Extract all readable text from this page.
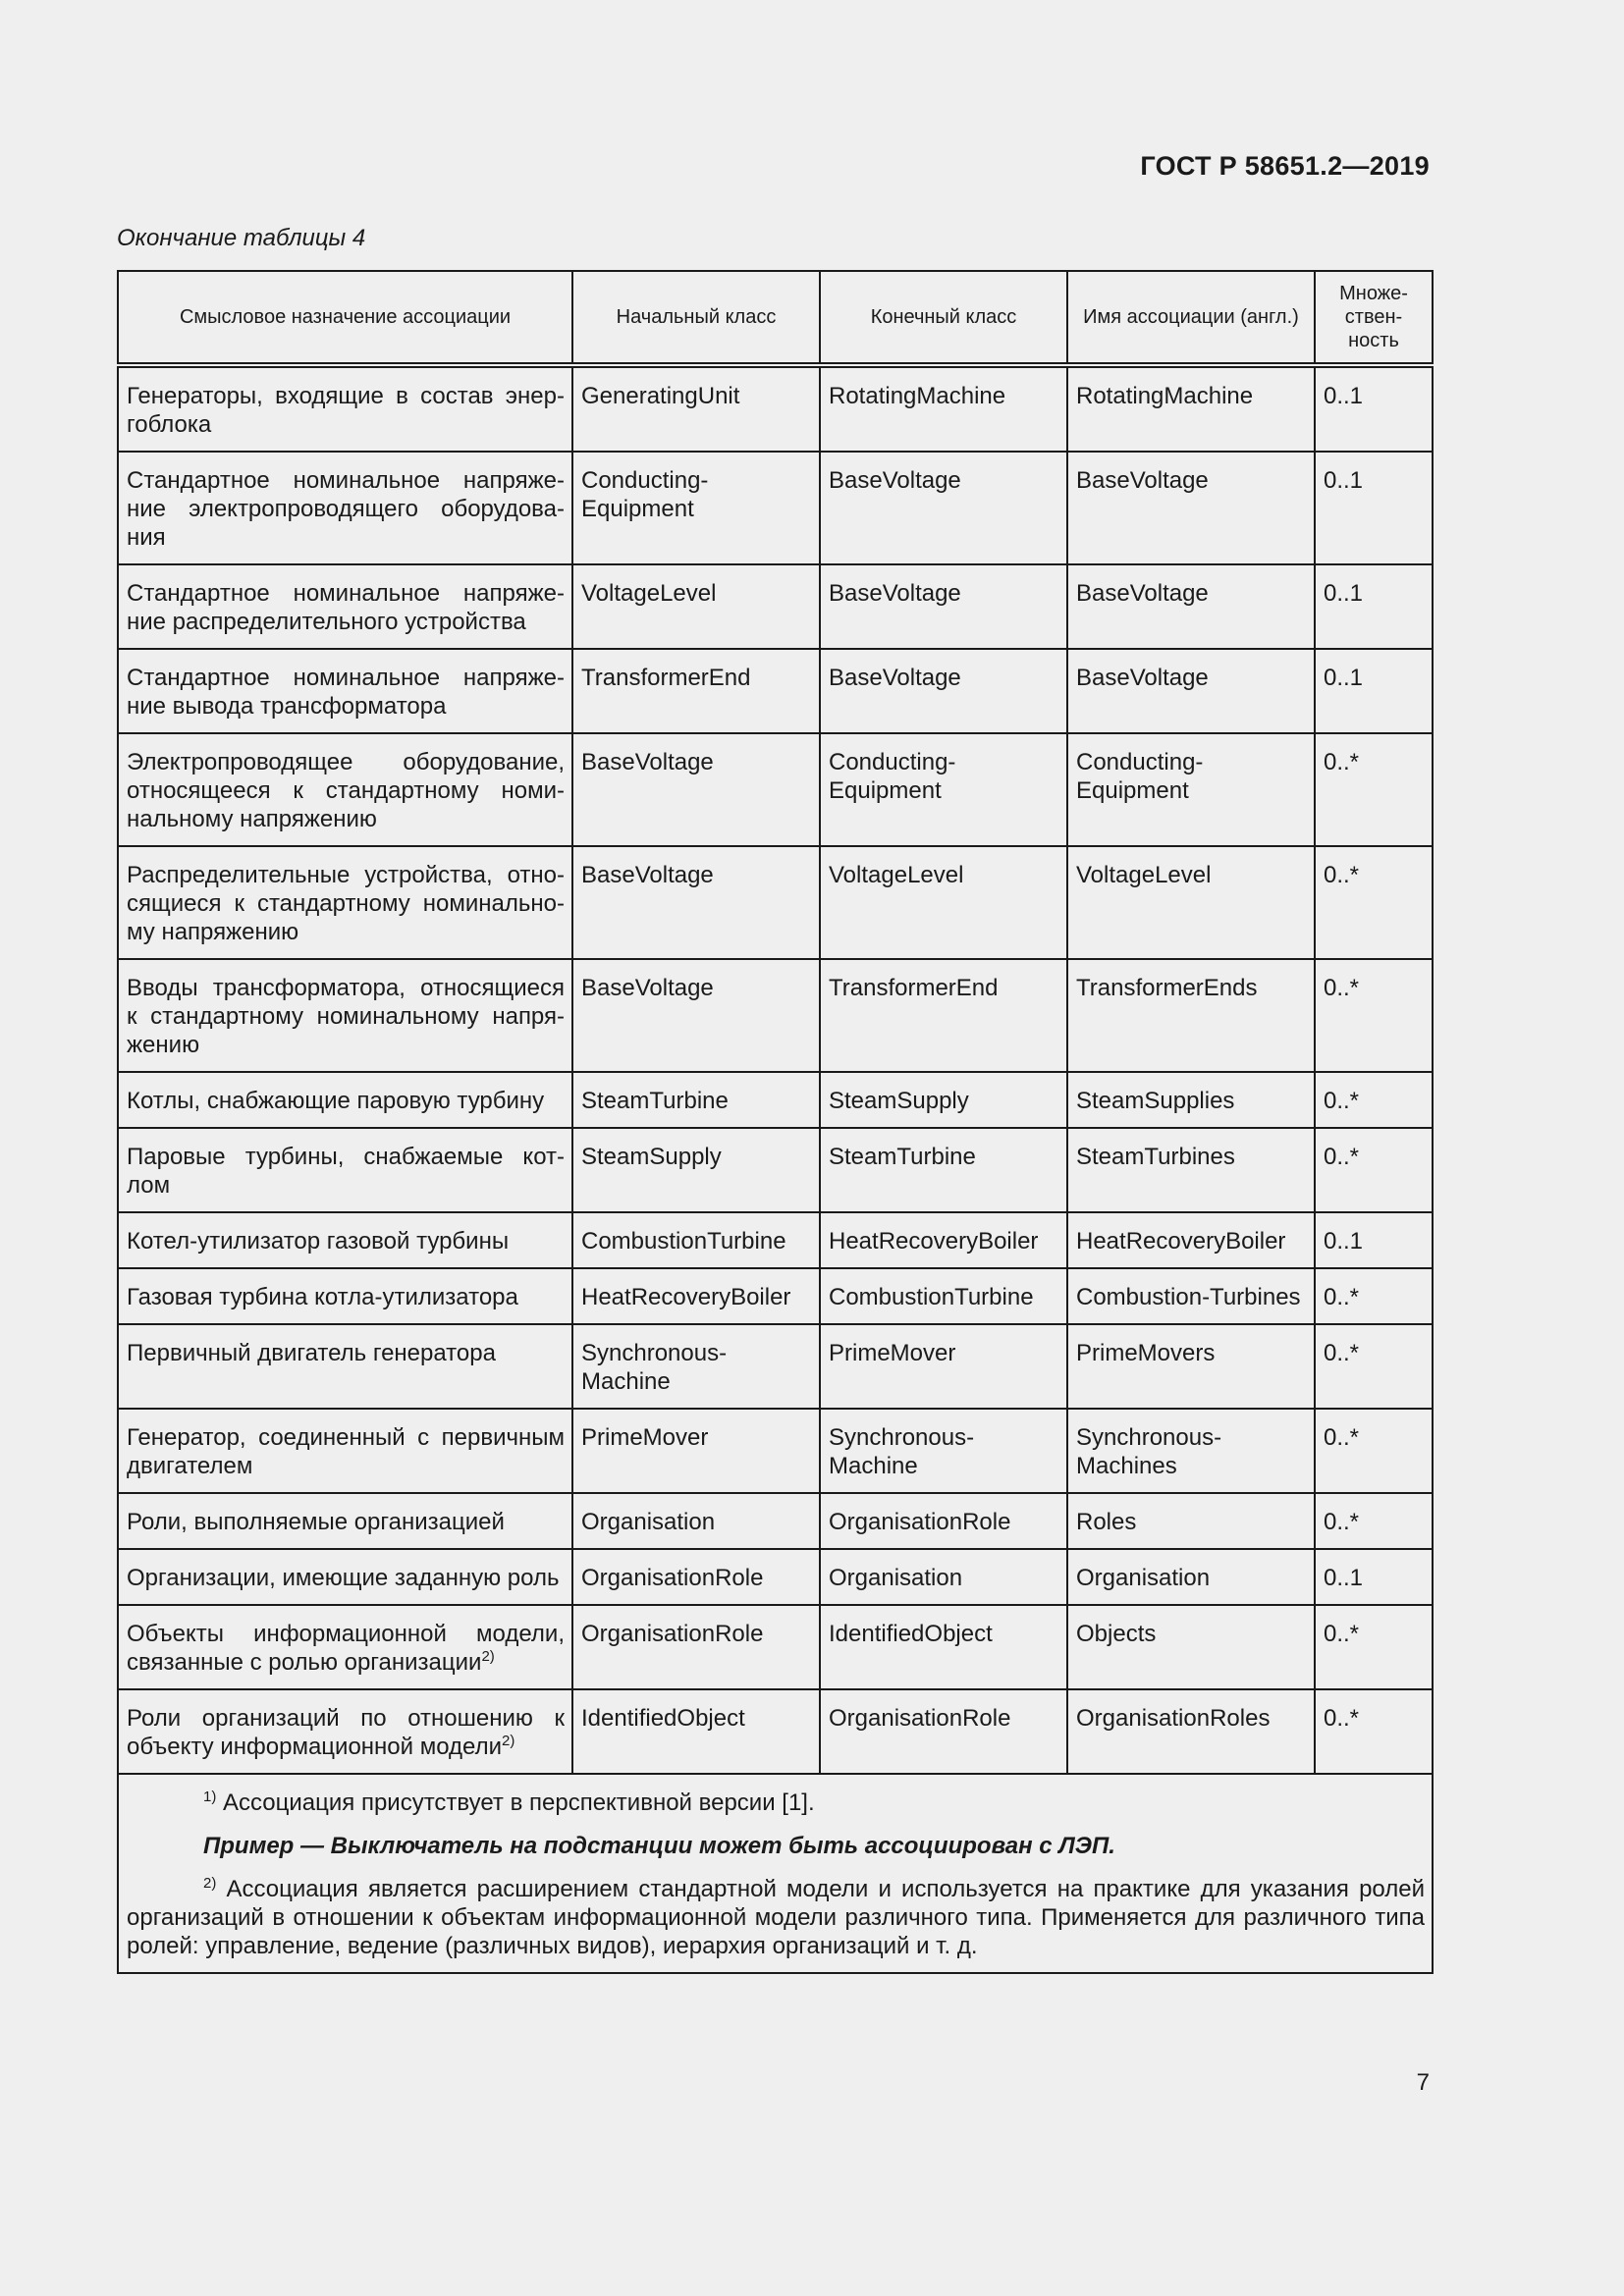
ГОСТ Р 58651.2—2019
Окончание таблицы 4
Смысловое назначение ассоциации	Начальный класс	Конечный класс	Имя ассоциации (англ.)	Множе-ствен-ность
Генераторы, входящие в состав энер-гоблока	GeneratingUnit	RotatingMachine	RotatingMachine	0..1
Стандартное номинальное напряже-ние электропроводящего оборудова-ния	Conducting-Equipment	BaseVoltage	BaseVoltage	0..1
Стандартное номинальное напряже-ние распределительного устройства	VoltageLevel	BaseVoltage	BaseVoltage	0..1
Стандартное номинальное напряже-ние вывода трансформатора	TransformerEnd	BaseVoltage	BaseVoltage	0..1
Электропроводящее оборудование, относящееся к стандартному номи-нальному напряжению	BaseVoltage	Conducting-Equipment	Conducting-Equipment	0..*
Распределительные устройства, отно-сящиеся к стандартному номинально-му напряжению	BaseVoltage	VoltageLevel	VoltageLevel	0..*
Вводы трансформатора, относящиеся к стандартному номинальному напря-жению	BaseVoltage	TransformerEnd	TransformerEnds	0..*
Котлы, снабжающие паровую турбину	SteamTurbine	SteamSupply	SteamSupplies	0..*
Паровые турбины, снабжаемые кот-лом	SteamSupply	SteamTurbine	SteamTurbines	0..*
Котел-утилизатор газовой турбины	CombustionTurbine	HeatRecoveryBoiler	HeatRecoveryBoiler	0..1
Газовая турбина котла-утилизатора	HeatRecoveryBoiler	CombustionTurbine	Combustion-Turbines	0..*
Первичный двигатель генератора	Synchronous-Machine	PrimeMover	PrimeMovers	0..*
Генератор, соединенный с первичным двигателем	PrimeMover	Synchronous-Machine	Synchronous-Machines	0..*
Роли, выполняемые организацией	Organisation	OrganisationRole	Roles	0..*
Организации, имеющие заданную роль	OrganisationRole	Organisation	Organisation	0..1
Объекты информационной модели, связанные с ролью организации$^{2)}$	OrganisationRole	IdentifiedObject	Objects	0..*
Роли организаций по отношению к объекту информационной модели$^{2)}$	IdentifiedObject	OrganisationRole	OrganisationRoles	0..*

$^{1)}$ Ассоциация присутствует в перспективной версии [1].

Пример — Выключатель на подстанции может быть ассоциирован с ЛЭП.

$^{2)}$ Ассоциация является расширением стандартной модели и используется на практике для указания ролей организаций в отношении к объектам информационной модели различного типа. Применяется для различного типа ролей: управление, ведение (различных видов), иерархия организаций и т. д.				

7
